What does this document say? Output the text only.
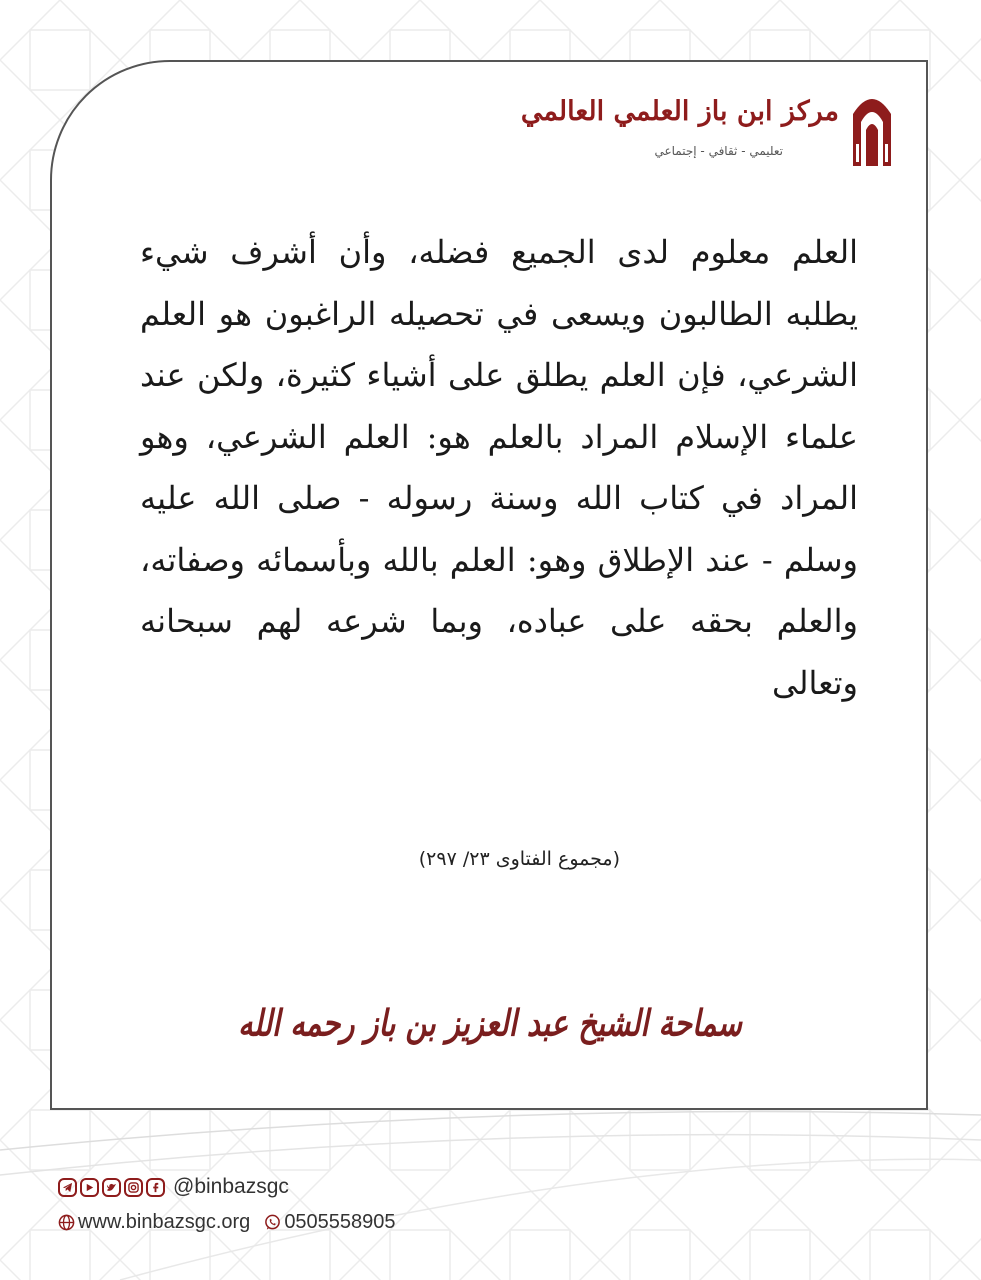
مركز ابن باز العلمي العالمي
تعليمي - ثقافي - إجتماعي
العلم معلوم لدى الجميع فضله، وأن أشرف شيء يطلبه الطالبون ويسعى في تحصيله الراغبون هو العلم الشرعي، فإن العلم يطلق على أشياء كثيرة، ولكن عند علماء الإسلام المراد بالعلم هو: العلم الشرعي، وهو المراد في كتاب الله وسنة رسوله - صلى الله عليه وسلم - عند الإطلاق وهو: العلم بالله وبأسمائه وصفاته، والعلم بحقه على عباده، وبما شرعه لهم سبحانه وتعالى
(مجموع الفتاوى ٢٣/ ٢٩٧)
سماحة الشيخ عبد العزيز بن باز رحمه الله
@binbazsgc
www.binbazsgc.org 0505558905
